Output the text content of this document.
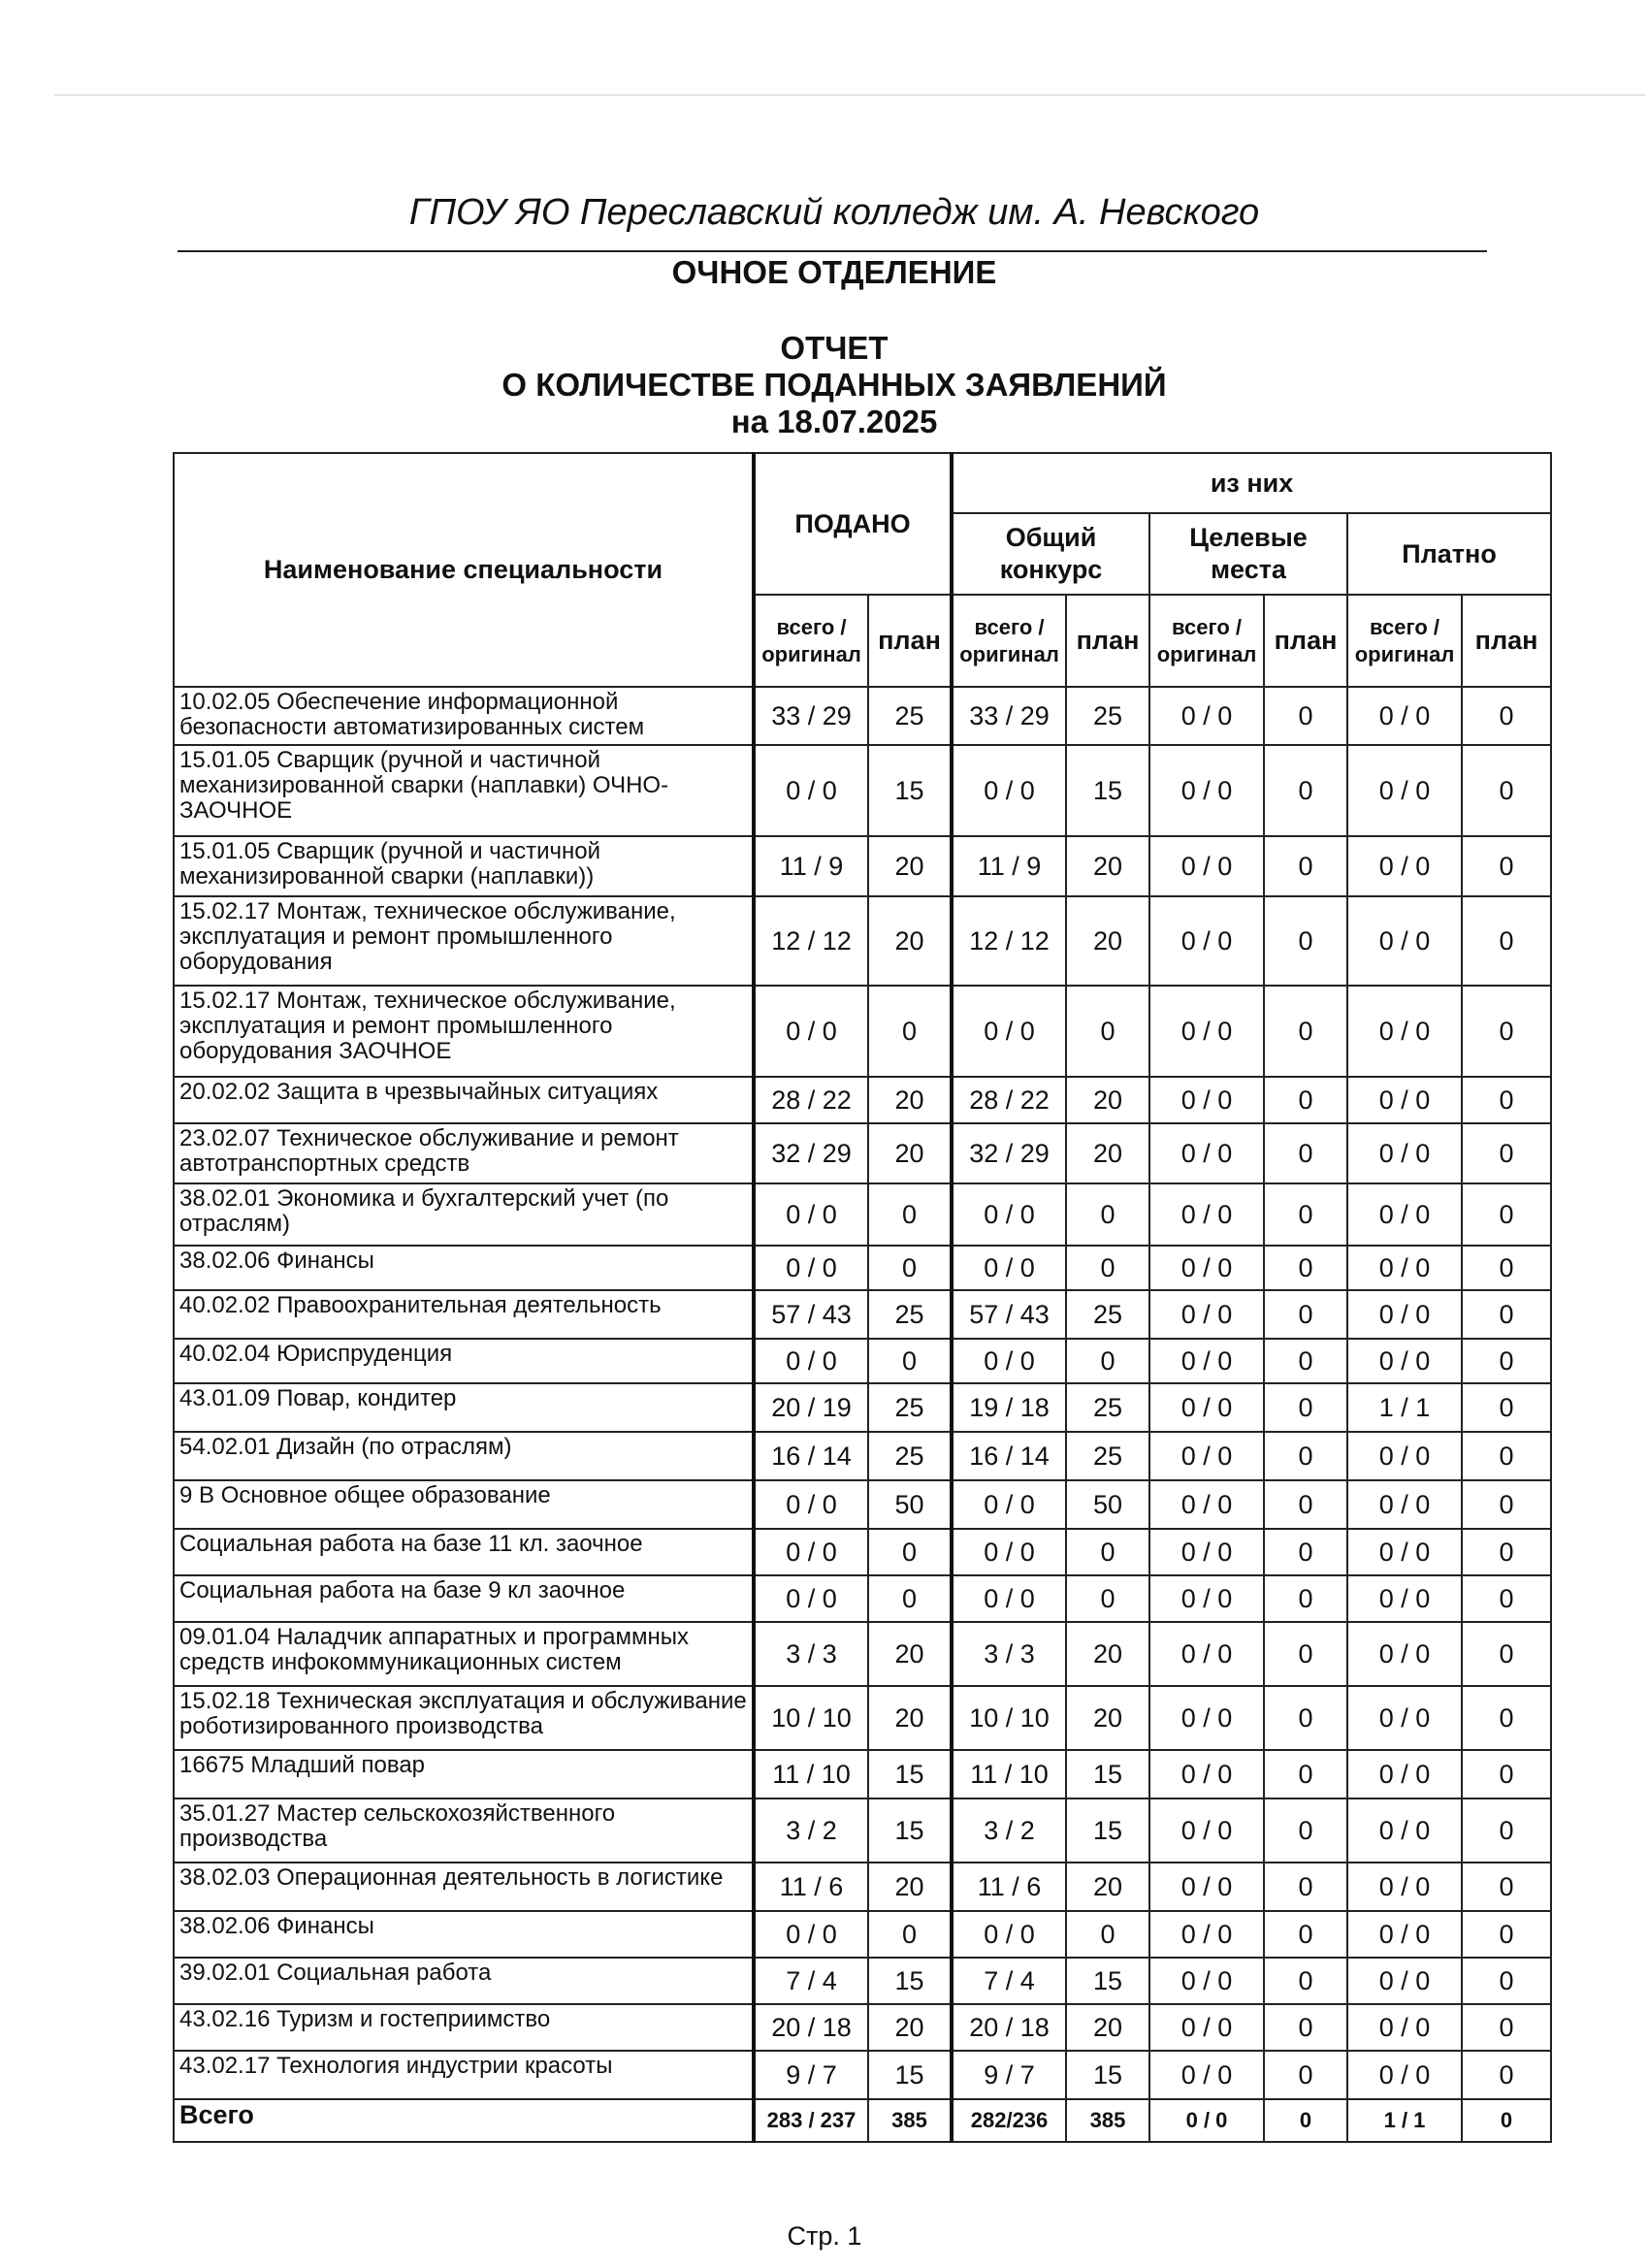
ГПОУ ЯО Переславский колледж им. А. Невского
ОЧНОЕ ОТДЕЛЕНИЕ
ОТЧЕТ
О КОЛИЧЕСТВЕ ПОДАННЫХ ЗАЯВЛЕНИЙ
на 18.07.2025
Наименование специальности	ПОДАНО		из них					
			Общий конкурс		Целевые места		Платно	
	всего / оригинал	план	всего / оригинал	план	всего / оригинал	план	всего / оригинал	план
10.02.05 Обеспечение информационной безопасности автоматизированных систем	33 / 29	25	33 / 29	25	0 / 0	0	0 / 0	0
15.01.05 Сварщик (ручной и частичной механизированной сварки (наплавки) ОЧНО-ЗАОЧНОЕ	0 / 0	15	0 / 0	15	0 / 0	0	0 / 0	0
15.01.05 Сварщик (ручной и частичной механизированной сварки (наплавки))	11 / 9	20	11 / 9	20	0 / 0	0	0 / 0	0
15.02.17 Монтаж, техническое обслуживание, эксплуатация и ремонт промышленного оборудования	12 / 12	20	12 / 12	20	0 / 0	0	0 / 0	0
15.02.17 Монтаж, техническое обслуживание, эксплуатация и ремонт промышленного оборудования ЗАОЧНОЕ	0 / 0	0	0 / 0	0	0 / 0	0	0 / 0	0
20.02.02 Защита в чрезвычайных ситуациях	28 / 22	20	28 / 22	20	0 / 0	0	0 / 0	0
23.02.07 Техническое обслуживание и ремонт автотранспортных средств	32 / 29	20	32 / 29	20	0 / 0	0	0 / 0	0
38.02.01 Экономика и бухгалтерский учет (по отраслям)	0 / 0	0	0 / 0	0	0 / 0	0	0 / 0	0
38.02.06 Финансы	0 / 0	0	0 / 0	0	0 / 0	0	0 / 0	0
40.02.02 Правоохранительная деятельность	57 / 43	25	57 / 43	25	0 / 0	0	0 / 0	0
40.02.04 Юриспруденция	0 / 0	0	0 / 0	0	0 / 0	0	0 / 0	0
43.01.09 Повар, кондитер	20 / 19	25	19 / 18	25	0 / 0	0	1 / 1	0
54.02.01 Дизайн (по отраслям)	16 / 14	25	16 / 14	25	0 / 0	0	0 / 0	0
9 В Основное общее образование	0 / 0	50	0 / 0	50	0 / 0	0	0 / 0	0
Социальная работа на базе 11 кл. заочное	0 / 0	0	0 / 0	0	0 / 0	0	0 / 0	0
Социальная работа на базе 9 кл заочное	0 / 0	0	0 / 0	0	0 / 0	0	0 / 0	0
09.01.04 Наладчик аппаратных и программных средств инфокоммуникационных систем	3 / 3	20	3 / 3	20	0 / 0	0	0 / 0	0
15.02.18 Техническая эксплуатация и обслуживание роботизированного производства	10 / 10	20	10 / 10	20	0 / 0	0	0 / 0	0
16675 Младший повар	11 / 10	15	11 / 10	15	0 / 0	0	0 / 0	0
35.01.27 Мастер сельскохозяйственного производства	3 / 2	15	3 / 2	15	0 / 0	0	0 / 0	0
38.02.03 Операционная деятельность в логистике	11 / 6	20	11 / 6	20	0 / 0	0	0 / 0	0
38.02.06 Финансы	0 / 0	0	0 / 0	0	0 / 0	0	0 / 0	0
39.02.01 Социальная работа	7 / 4	15	7 / 4	15	0 / 0	0	0 / 0	0
43.02.16 Туризм и гостеприимство	20 / 18	20	20 / 18	20	0 / 0	0	0 / 0	0
43.02.17 Технология индустрии красоты	9 / 7	15	9 / 7	15	0 / 0	0	0 / 0	0
Всего	283 / 237	385	282/236	385	0 / 0	0	1 / 1	0
Стр. 1
